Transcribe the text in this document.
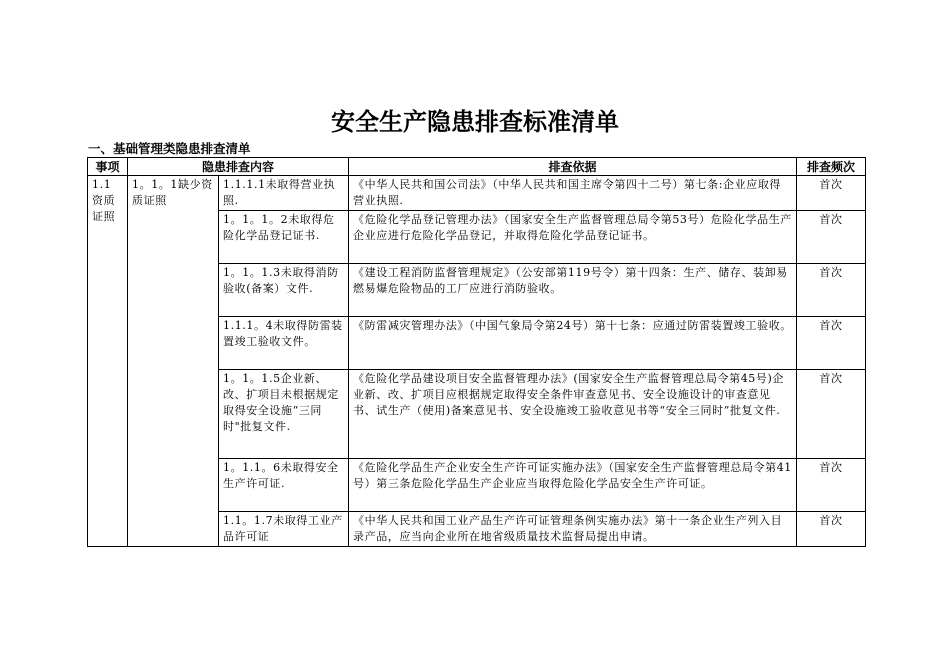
安全生产隐患排查标准清单
一、基础管理类隐患排查清单
事项	隐患排查内容		排查依据	排查频次
1.1 资质证照	1。1。1缺少资质证照	1.1.1.1未取得营业执照.	《中华人民共和国公司法》（中华人民共和国主席令第四十二号）第七条:企业应取得营业执照.	首次
		1。1。1。2未取得危险化学品登记证书.	《危险化学品登记管理办法》（国家安全生产监督管理总局令第53号）危险化学品生产企业应进行危险化学品登记，并取得危险化学品登记证书。	首次
		1。1。1.3未取得消防验收(备案）文件.	《建设工程消防监督管理规定》（公安部第119号令）第十四条：生产、储存、装卸易燃易爆危险物品的工厂应进行消防验收。	首次
		1.1.1。4未取得防雷装置竣工验收文件。	《防雷减灾管理办法》（中国气象局令第24号）第十七条：应通过防雷装置竣工验收。	首次
		1。1。1.5企业新、改、扩项目未根据规定取得安全设施“三同时"批复文件.	《危险化学品建设项目安全监督管理办法》(国家安全生产监督管理总局令第45号)企业新、改、扩项目应根据规定取得安全条件审查意见书、安全设施设计的审查意见书、试生产（使用)备案意见书、安全设施竣工验收意见书等“安全三同时”批复文件.	首次
		1。1.1。6未取得安全生产许可证.	《危险化学品生产企业安全生产许可证实施办法》（国家安全生产监督管理总局令第41号）第三条危险化学品生产企业应当取得危险化学品安全生产许可证。	首次
		1.1。1.7未取得工业产品许可证	《中华人民共和国工业产品生产许可证管理条例实施办法》第十一条企业生产列入目录产品，应当向企业所在地省级质量技术监督局提出申请。	首次
